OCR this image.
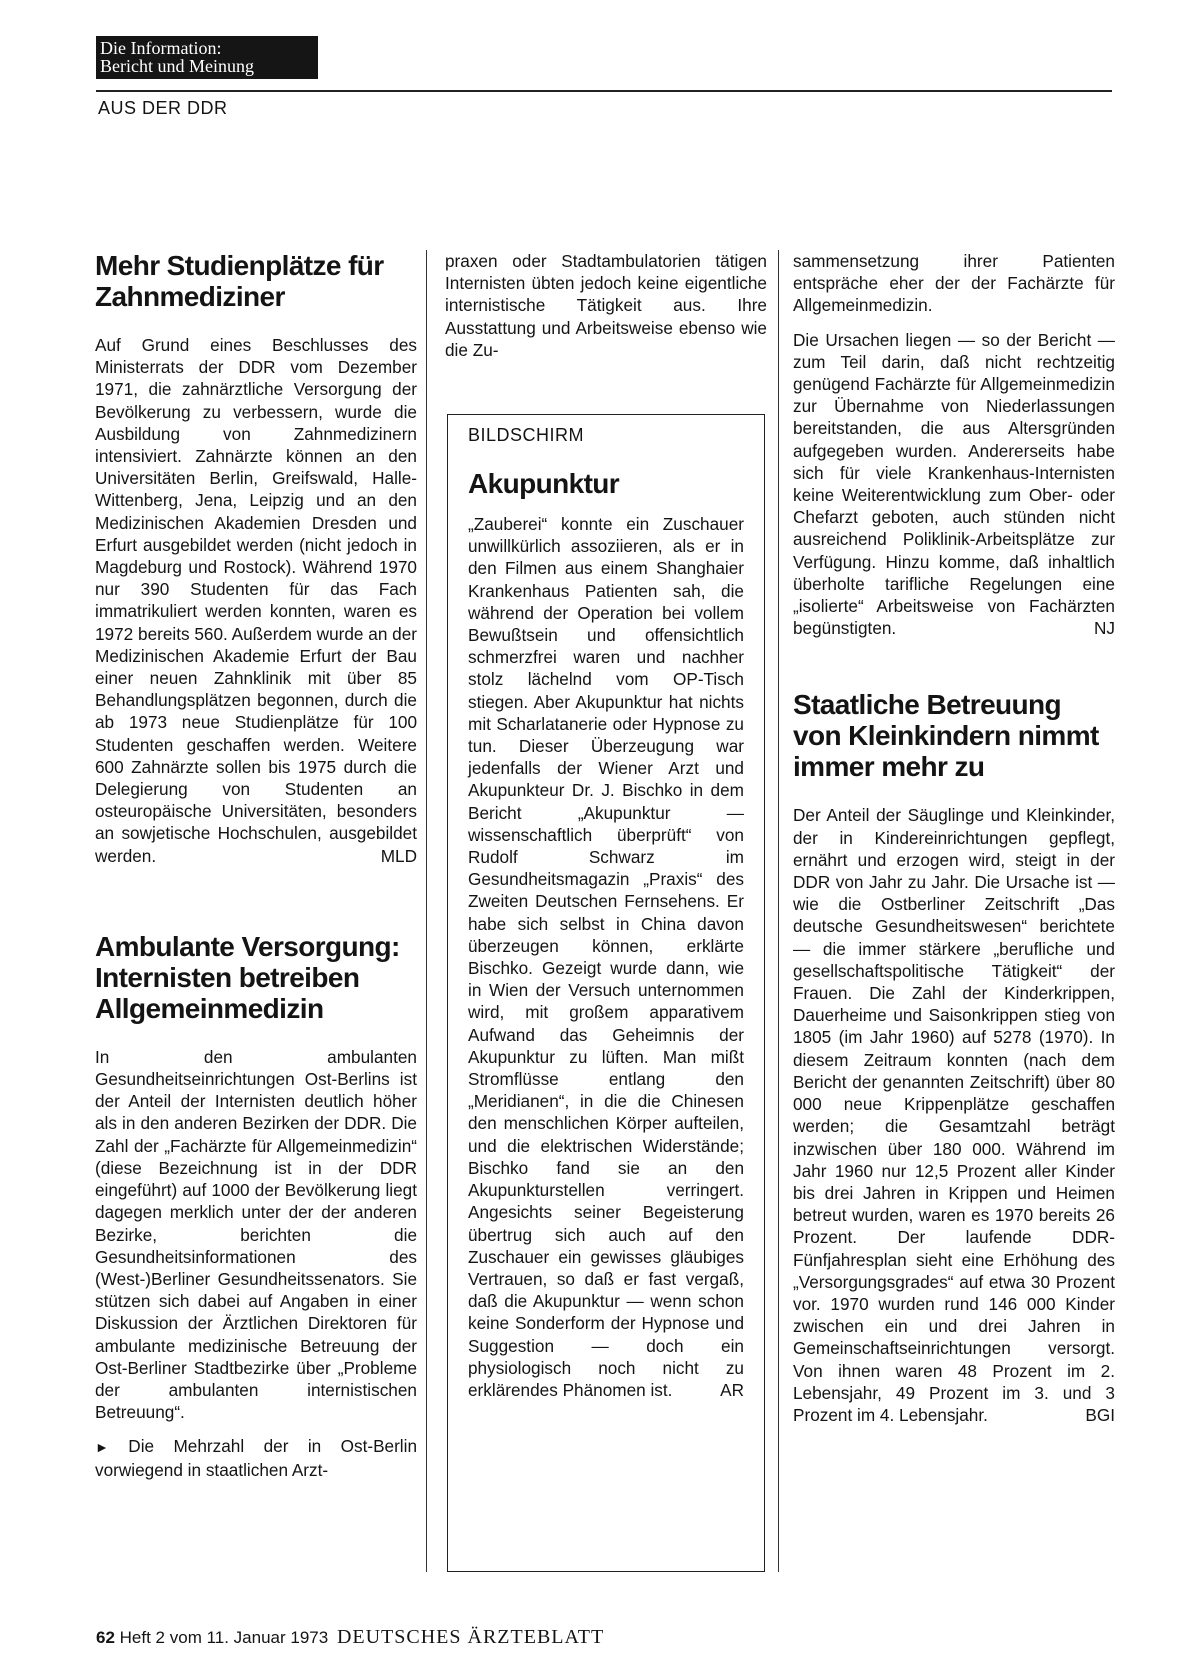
Die Information:
Bericht und Meinung
AUS DER DDR
Mehr Studienplätze für Zahnmediziner

Auf Grund eines Beschlusses des Ministerrats der DDR vom Dezember 1971, die zahnärztliche Versorgung der Bevölkerung zu verbessern, wurde die Ausbildung von Zahnmedizinern intensiviert. Zahnärzte können an den Universitäten Berlin, Greifswald, Halle-Wittenberg, Jena, Leipzig und an den Medizinischen Akademien Dresden und Erfurt ausgebildet werden (nicht jedoch in Magdeburg und Rostock). Während 1970 nur 390 Studenten für das Fach immatrikuliert werden konnten, waren es 1972 bereits 560. Außerdem wurde an der Medizinischen Akademie Erfurt der Bau einer neuen Zahnklinik mit über 85 Behandlungsplätzen begonnen, durch die ab 1973 neue Studienplätze für 100 Studenten geschaffen werden. Weitere 600 Zahnärzte sollen bis 1975 durch die Delegierung von Studenten an osteuropäische Universitäten, besonders an sowjetische Hochschulen, ausgebildet werden.	MLD

Ambulante Versorgung: Internisten betreiben Allgemeinmedizin

In den ambulanten Gesundheitseinrichtungen Ost-Berlins ist der Anteil der Internisten deutlich höher als in den anderen Bezirken der DDR. Die Zahl der „Fachärzte für Allgemeinmedizin“ (diese Bezeichnung ist in der DDR eingeführt) auf 1000 der Bevölkerung liegt dagegen merklich unter der der anderen Bezirke, berichten die Gesundheitsinformationen des (West-)Berliner Gesundheitssenators. Sie stützen sich dabei auf Angaben in einer Diskussion der Ärztlichen Direktoren für ambulante medizinische Betreuung der Ost-Berliner Stadtbezirke über „Probleme der ambulanten internistischen Betreuung“.

► Die Mehrzahl der in Ost-Berlin vorwiegend in staatlichen Arzt-

praxen oder Stadtambulatorien tätigen Internisten übten jedoch keine eigentliche internistische Tätigkeit aus. Ihre Ausstattung und Arbeitsweise ebenso wie die Zu-

BILDSCHIRM
Akupunktur

„Zauberei“ konnte ein Zuschauer unwillkürlich assoziieren, als er in den Filmen aus einem Shanghaier Krankenhaus Patienten sah, die während der Operation bei vollem Bewußtsein und offensichtlich schmerzfrei waren und nachher stolz lächelnd vom OP-Tisch stiegen. Aber Akupunktur hat nichts mit Scharlatanerie oder Hypnose zu tun. Dieser Überzeugung war jedenfalls der Wiener Arzt und Akupunkteur Dr. J. Bischko in dem Bericht „Akupunktur — wissenschaftlich überprüft“ von Rudolf Schwarz im Gesundheitsmagazin „Praxis“ des Zweiten Deutschen Fernsehens. Er habe sich selbst in China davon überzeugen können, erklärte Bischko. Gezeigt wurde dann, wie in Wien der Versuch unternommen wird, mit großem apparativem Aufwand das Geheimnis der Akupunktur zu lüften. Man mißt Stromflüsse entlang den „Meridianen“, in die die Chinesen den menschlichen Körper aufteilen, und die elektrischen Widerstände; Bischko fand sie an den Akupunkturstellen verringert. Angesichts seiner Begeisterung übertrug sich auch auf den Zuschauer ein gewisses gläubiges Vertrauen, so daß er fast vergaß, daß die Akupunktur — wenn schon keine Sonderform der Hypnose und Suggestion — doch ein physiologisch noch nicht zu erklärendes Phänomen ist.	AR

sammensetzung ihrer Patienten entspräche eher der der Fachärzte für Allgemeinmedizin.

Die Ursachen liegen — so der Bericht — zum Teil darin, daß nicht rechtzeitig genügend Fachärzte für Allgemeinmedizin zur Übernahme von Niederlassungen bereitstanden, die aus Altersgründen aufgegeben wurden. Andererseits habe sich für viele Krankenhaus-Internisten keine Weiterentwicklung zum Ober- oder Chefarzt geboten, auch stünden nicht ausreichend Poliklinik-Arbeitsplätze zur Verfügung. Hinzu komme, daß inhaltlich überholte tarifliche Regelungen eine „isolierte“ Arbeitsweise von Fachärzten begünstigten.	NJ

Staatliche Betreuung von Kleinkindern nimmt immer mehr zu

Der Anteil der Säuglinge und Kleinkinder, der in Kindereinrichtungen gepflegt, ernährt und erzogen wird, steigt in der DDR von Jahr zu Jahr. Die Ursache ist — wie die Ostberliner Zeitschrift „Das deutsche Gesundheitswesen“ berichtete — die immer stärkere „berufliche und gesellschaftspolitische Tätigkeit“ der Frauen. Die Zahl der Kinderkrippen, Dauerheime und Saisonkrippen stieg von 1805 (im Jahr 1960) auf 5278 (1970). In diesem Zeitraum konnten (nach dem Bericht der genannten Zeitschrift) über 80 000 neue Krippenplätze geschaffen werden; die Gesamtzahl beträgt inzwischen über 180 000. Während im Jahr 1960 nur 12,5 Prozent aller Kinder bis drei Jahren in Krippen und Heimen betreut wurden, waren es 1970 bereits 26 Prozent. Der laufende DDR-Fünfjahresplan sieht eine Erhöhung des „Versorgungsgrades“ auf etwa 30 Prozent vor. 1970 wurden rund 146 000 Kinder zwischen ein und drei Jahren in Gemeinschaftseinrichtungen versorgt. Von ihnen waren 48 Prozent im 2. Lebensjahr, 49 Prozent im 3. und 3 Prozent im 4. Lebensjahr.	BGI

62 Heft 2 vom 11. Januar 1973 DEUTSCHES ÄRZTEBLATT
